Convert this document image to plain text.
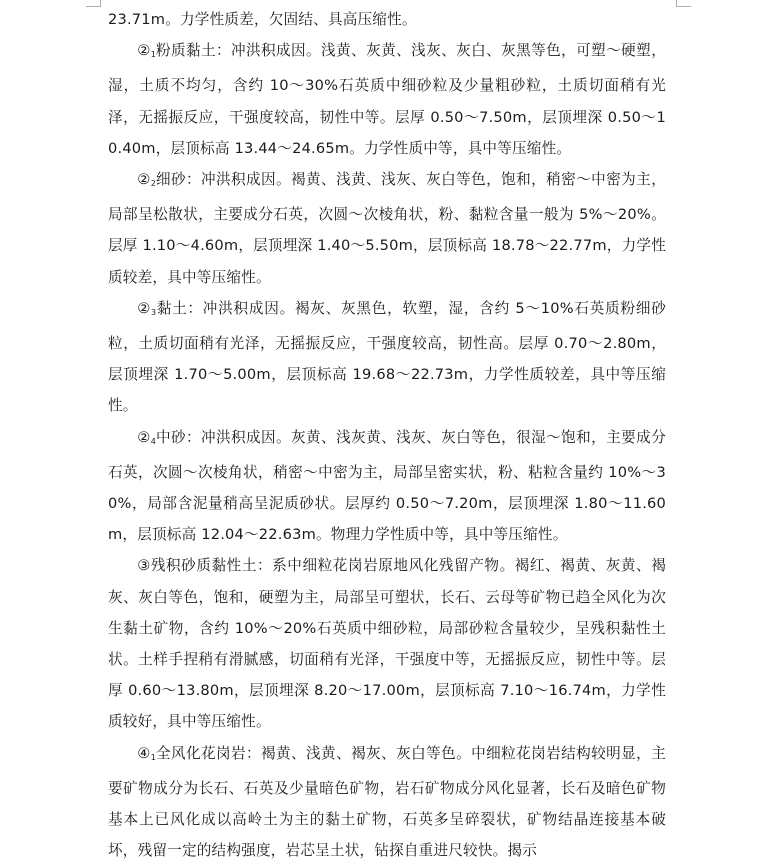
23.71m。力学性质差，欠固结、具高压缩性。

$②_1$粉质黏土：冲洪积成因。浅黄、灰黄、浅灰、灰白、灰黑等色，可塑～硬塑，湿，土质不均匀，含约 10～30%石英质中细砂粒及少量粗砂粒，土质切面稍有光泽，无摇振反应，干强度较高，韧性中等。层厚 0.50～7.50m，层顶埋深 0.50～10.40m，层顶标高 13.44～24.65m。力学性质中等，具中等压缩性。

$②_2$细砂：冲洪积成因。褐黄、浅黄、浅灰、灰白等色，饱和，稍密～中密为主，局部呈松散状，主要成分石英，次圆～次棱角状，粉、黏粒含量一般为 5%～20%。层厚 1.10～4.60m，层顶埋深 1.40～5.50m，层顶标高 18.78～22.77m，力学性质较差，具中等压缩性。

$②_3$黏土：冲洪积成因。褐灰、灰黑色，软塑，湿，含约 5～10%石英质粉细砂粒，土质切面稍有光泽，无摇振反应，干强度较高，韧性高。层厚 0.70～2.80m，层顶埋深 1.70～5.00m，层顶标高 19.68～22.73m，力学性质较差，具中等压缩性。

$②_4$中砂：冲洪积成因。灰黄、浅灰黄、浅灰、灰白等色，很湿～饱和，主要成分石英，次圆～次棱角状，稍密～中密为主，局部呈密实状，粉、粘粒含量约 10%～30%，局部含泥量稍高呈泥质砂状。层厚约 0.50～7.20m，层顶埋深 1.80～11.60m，层顶标高 12.04～22.63m。物理力学性质中等，具中等压缩性。

③残积砂质黏性土：系中细粒花岗岩原地风化残留产物。褐红、褐黄、灰黄、褐灰、灰白等色，饱和，硬塑为主，局部呈可塑状，长石、云母等矿物已趋全风化为次生黏土矿物，含约 10%～20%石英质中细砂粒，局部砂粒含量较少，呈残积黏性土状。土样手捏稍有滑腻感，切面稍有光泽，干强度中等，无摇振反应，韧性中等。层厚 0.60～13.80m，层顶埋深 8.20～17.00m，层顶标高 7.10～16.74m，力学性质较好，具中等压缩性。

$④_1$全风化花岗岩：褐黄、浅黄、褐灰、灰白等色。中细粒花岗岩结构较明显，主要矿物成分为长石、石英及少量暗色矿物，岩石矿物成分风化显著，长石及暗色矿物基本上已风化成以高岭土为主的黏土矿物，石英多呈碎裂状，矿物结晶连接基本破坏，残留一定的结构强度，岩芯呈土状，钻探自重进尺较快。揭示
